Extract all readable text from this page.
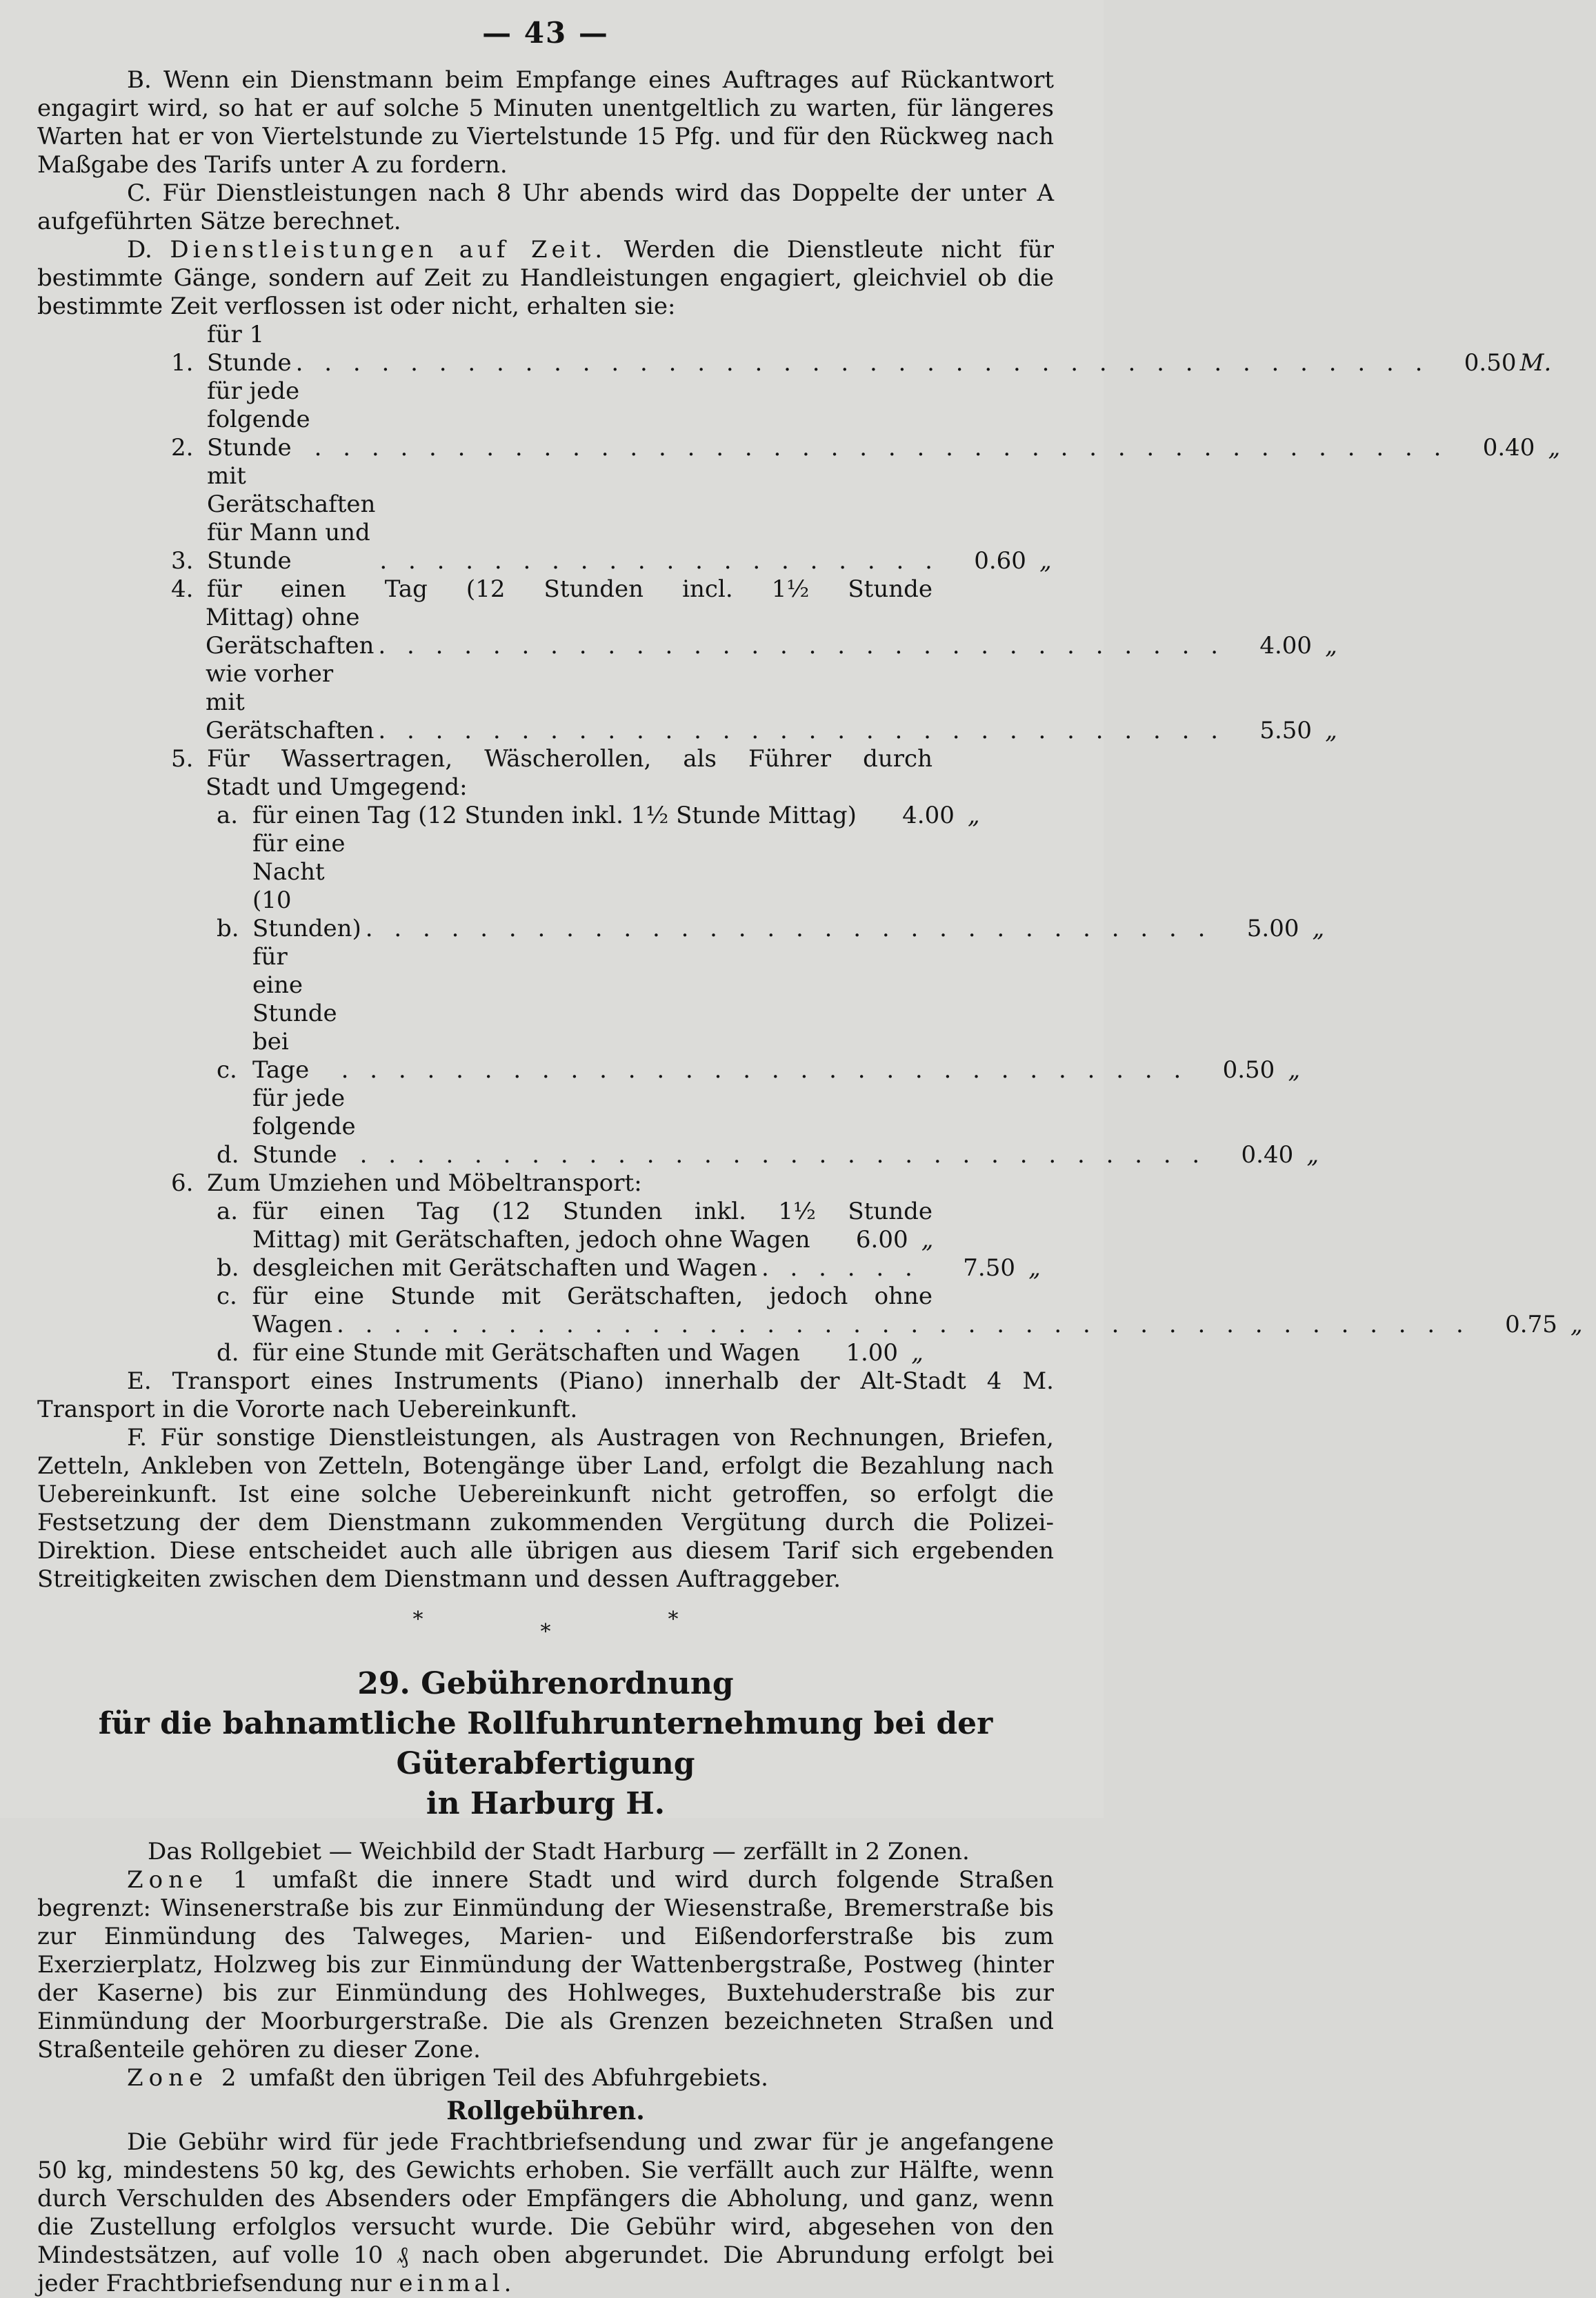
— 43 —

B. Wenn ein Dienstmann beim Empfange eines Auftrages auf Rückantwort engagirt wird, so hat er auf solche 5 Minuten unentgeltlich zu warten, für längeres Warten hat er von Viertelstunde zu Viertelstunde 15 Pfg. und für den Rückweg nach Maßgabe des Tarifs unter A zu fordern.

C. Für Dienstleistungen nach 8 Uhr abends wird das Doppelte der unter A aufgeführten Sätze berechnet.

D. Dienstleistungen auf Zeit. Werden die Dienstleute nicht für bestimmte Gänge, sondern auf Zeit zu Handleistungen engagiert, gleichviel ob die bestimmte Zeit verflossen ist oder nicht, erhalten sie:

1.
für 1 Stunde . . . . . . . . . . . . . . . . . . . . . . . . . . . . . . . . . . . . . . . .	0.50 M.
2.
für jede folgende Stunde . . . . . . . . . . . . . . . . . . . . . . . . . . . . . . . . . . . . . . . .	0.40 „
3.
mit Gerätschaften für Mann und Stunde	. . . . . . . . . . . . . . . . . . . .	0.60 „
4. für einen Tag (12 Stunden incl. 1½ Stunde
Mittag) ohne Gerätschaften . . . . . . . . . . . . . . . . . . . . . . . . . . . . . .	4.00 „
wie vorher mit Gerätschaften . . . . . . . . . . . . . . . . . . . . . . . . . . . . . .	5.50 „
5. Für Wassertragen, Wäscherollen, als Führer durch
Stadt und Umgegend:
a. für einen Tag (12 Stunden inkl. 1½ Stunde Mittag)	4.00 „
b.
für eine Nacht (10 Stunden) . . . . . . . . . . . . . . . . . . . . . . . . . . . . . .	5.00 „
c.
für eine Stunde bei Tage	. . . . . . . . . . . . . . . . . . . . . . . . . . . . . .	0.50 „
d.
für jede folgende Stunde . . . . . . . . . . . . . . . . . . . . . . . . . . . . . .	0.40 „
6. Zum Umziehen und Möbeltransport:
a. für einen Tag (12 Stunden inkl. 1½ Stunde
Mittag) mit Gerätschaften, jedoch ohne Wagen	6.00 „
b. desgleichen mit Gerätschaften und Wagen . . . . . .	7.50 „
c. für eine Stunde mit Gerätschaften, jedoch ohne
Wagen . . . . . . . . . . . . . . . . . . . . . . . . . . . . . . . . . . . . . . . .	0.75 „
d. für eine Stunde mit Gerätschaften und Wagen	1.00 „

E. Transport eines Instruments (Piano) innerhalb der Alt-Stadt 4 M. Transport in die Vororte nach Uebereinkunft.

F. Für sonstige Dienstleistungen, als Austragen von Rechnungen, Briefen, Zetteln, Ankleben von Zetteln, Botengänge über Land, erfolgt die Bezahlung nach Uebereinkunft. Ist eine solche Uebereinkunft nicht getroffen, so erfolgt die Festsetzung der dem Dienstmann zukommenden Vergütung durch die Polizei-Direktion. Diese entscheidet auch alle übrigen aus diesem Tarif sich ergebenden Streitigkeiten zwischen dem Dienstmann und dessen Auftraggeber.

*
*
*
29. Gebührenordnung
für die bahnamtliche Rollfuhrunternehmung bei der Güterabfertigung
in Harburg H.

Das Rollgebiet — Weichbild der Stadt Harburg — zerfällt in 2 Zonen.

Zone 1 umfaßt die innere Stadt und wird durch folgende Straßen begrenzt: Winsenerstraße bis zur Einmündung der Wiesenstraße, Bremerstraße bis zur Einmündung des Talweges, Marien- und Eißendorferstraße bis zum Exerzierplatz, Holzweg bis zur Einmündung der Wattenbergstraße, Postweg (hinter der Kaserne) bis zur Einmündung des Hohlweges, Buxtehuderstraße bis zur Einmündung der Moorburgerstraße. Die als Grenzen bezeichneten Straßen und Straßenteile gehören zu dieser Zone.

Zone 2 umfaßt den übrigen Teil des Abfuhrgebiets.

Rollgebühren.

Die Gebühr wird für jede Frachtbriefsendung und zwar für je angefangene 50 kg, mindestens 50 kg, des Gewichts erhoben. Sie verfällt auch zur Hälfte, wenn durch Verschulden des Absenders oder Empfängers die Abholung, und ganz, wenn die Zustellung erfolglos versucht wurde. Die Gebühr wird, abgesehen von den Mindestsätzen, auf volle 10 ₰ nach oben abgerundet. Die Abrundung erfolgt bei jeder Frachtbriefsendung nur einmal.
